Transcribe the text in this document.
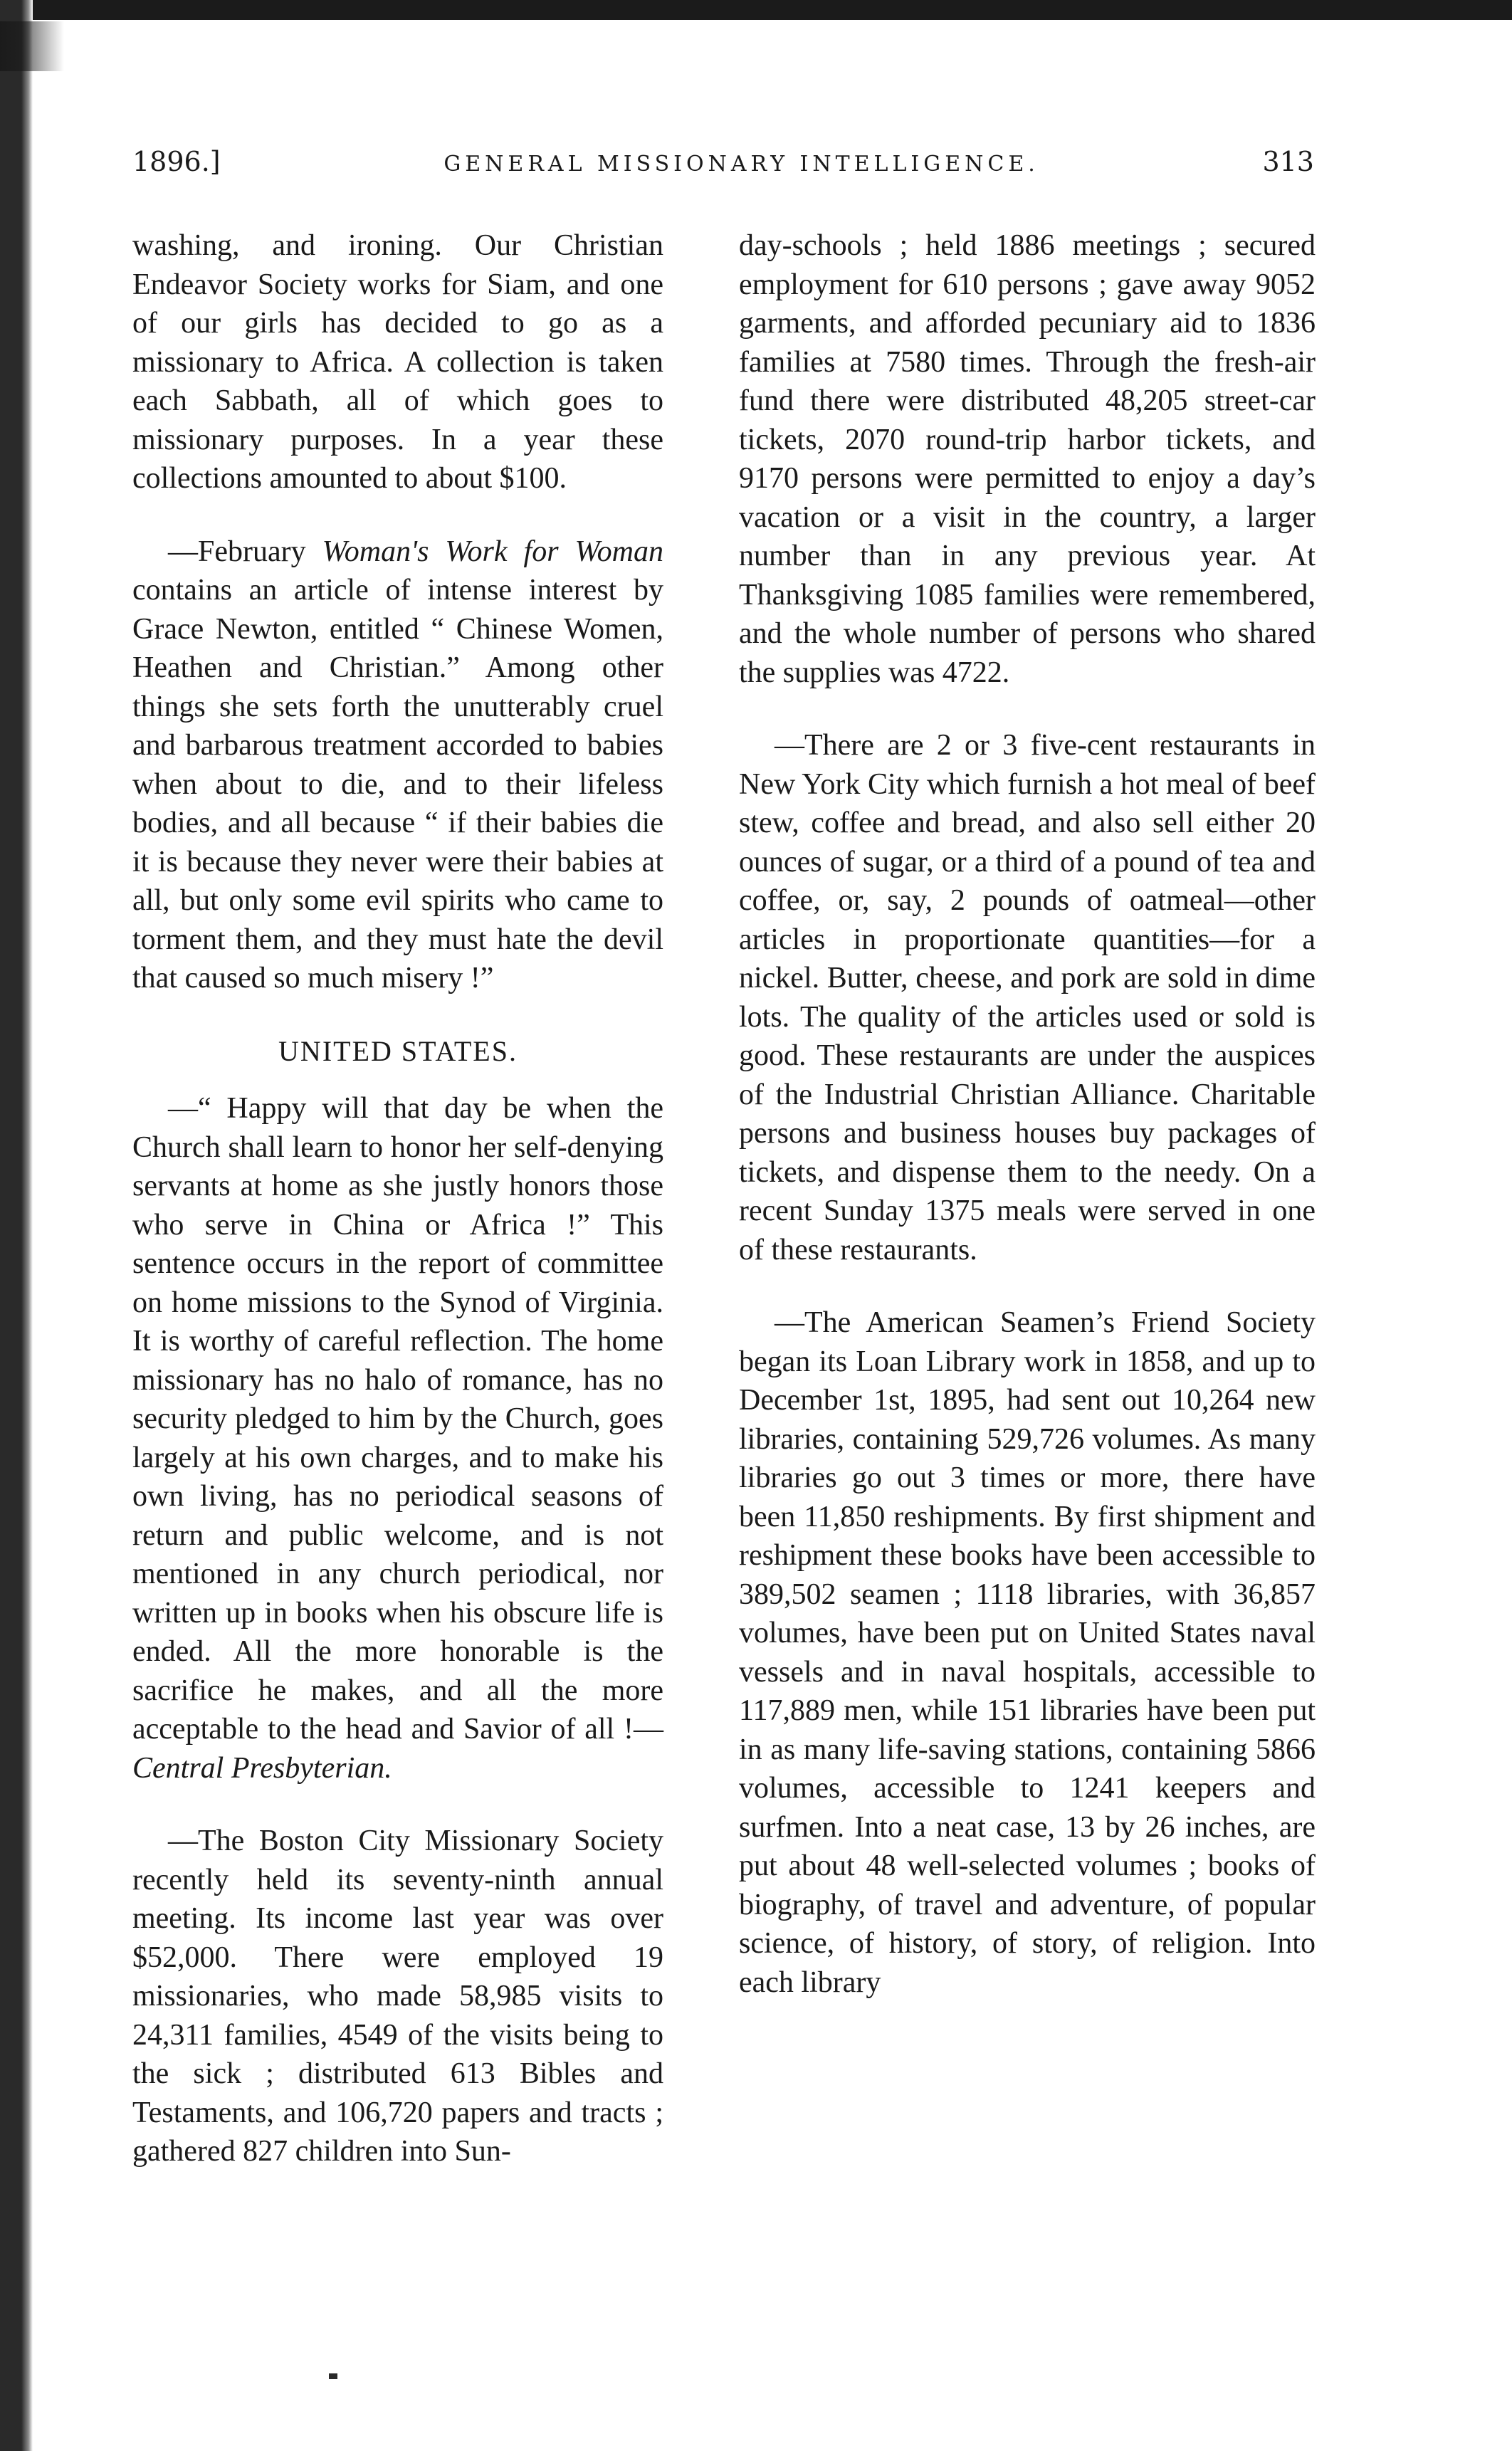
1896.]	GENERAL MISSIONARY INTELLIGENCE.	313

washing, and ironing. Our Christian Endeavor Society works for Siam, and one of our girls has decided to go as a missionary to Africa. A collection is taken each Sabbath, all of which goes to missionary purposes. In a year these collections amounted to about $100.

—February Woman's Work for Woman contains an article of intense interest by Grace Newton, entitled “ Chinese Women, Heathen and Christian.” Among other things she sets forth the unutterably cruel and barbarous treatment accorded to babies when about to die, and to their lifeless bodies, and all because “ if their babies die it is because they never were their babies at all, but only some evil spirits who came to torment them, and they must hate the devil that caused so much misery !”

UNITED STATES.

—“ Happy will that day be when the Church shall learn to honor her self-denying servants at home as she justly honors those who serve in China or Africa !” This sentence occurs in the report of committee on home missions to the Synod of Virginia. It is worthy of careful reflection. The home missionary has no halo of romance, has no security pledged to him by the Church, goes largely at his own charges, and to make his own living, has no periodical seasons of return and public welcome, and is not mentioned in any church periodical, nor written up in books when his obscure life is ended. All the more honorable is the sacrifice he makes, and all the more acceptable to the head and Savior of all !—Central Presbyterian.

—The Boston City Missionary Society recently held its seventy-ninth annual meeting. Its income last year was over $52,000. There were employed 19 missionaries, who made 58,985 visits to 24,311 families, 4549 of the visits being to the sick ; distributed 613 Bibles and Testaments, and 106,720 papers and tracts ; gathered 827 children into Sun-

day-schools ; held 1886 meetings ; secured employment for 610 persons ; gave away 9052 garments, and afforded pecuniary aid to 1836 families at 7580 times. Through the fresh-air fund there were distributed 48,205 street-car tickets, 2070 round-trip harbor tickets, and 9170 persons were permitted to enjoy a day’s vacation or a visit in the country, a larger number than in any previous year. At Thanksgiving 1085 families were remembered, and the whole number of persons who shared the supplies was 4722.

—There are 2 or 3 five-cent restaurants in New York City which furnish a hot meal of beef stew, coffee and bread, and also sell either 20 ounces of sugar, or a third of a pound of tea and coffee, or, say, 2 pounds of oatmeal—other articles in proportionate quantities—for a nickel. Butter, cheese, and pork are sold in dime lots. The quality of the articles used or sold is good. These restaurants are under the auspices of the Industrial Christian Alliance. Charitable persons and business houses buy packages of tickets, and dispense them to the needy. On a recent Sunday 1375 meals were served in one of these restaurants.

—The American Seamen’s Friend Society began its Loan Library work in 1858, and up to December 1st, 1895, had sent out 10,264 new libraries, containing 529,726 volumes. As many libraries go out 3 times or more, there have been 11,850 reshipments. By first shipment and reshipment these books have been accessible to 389,502 seamen ; 1118 libraries, with 36,857 volumes, have been put on United States naval vessels and in naval hospitals, accessible to 117,889 men, while 151 libraries have been put in as many life-saving stations, containing 5866 volumes, accessible to 1241 keepers and surfmen. Into a neat case, 13 by 26 inches, are put about 48 well-selected volumes ; books of biography, of travel and adventure, of popular science, of history, of story, of religion. Into each library
